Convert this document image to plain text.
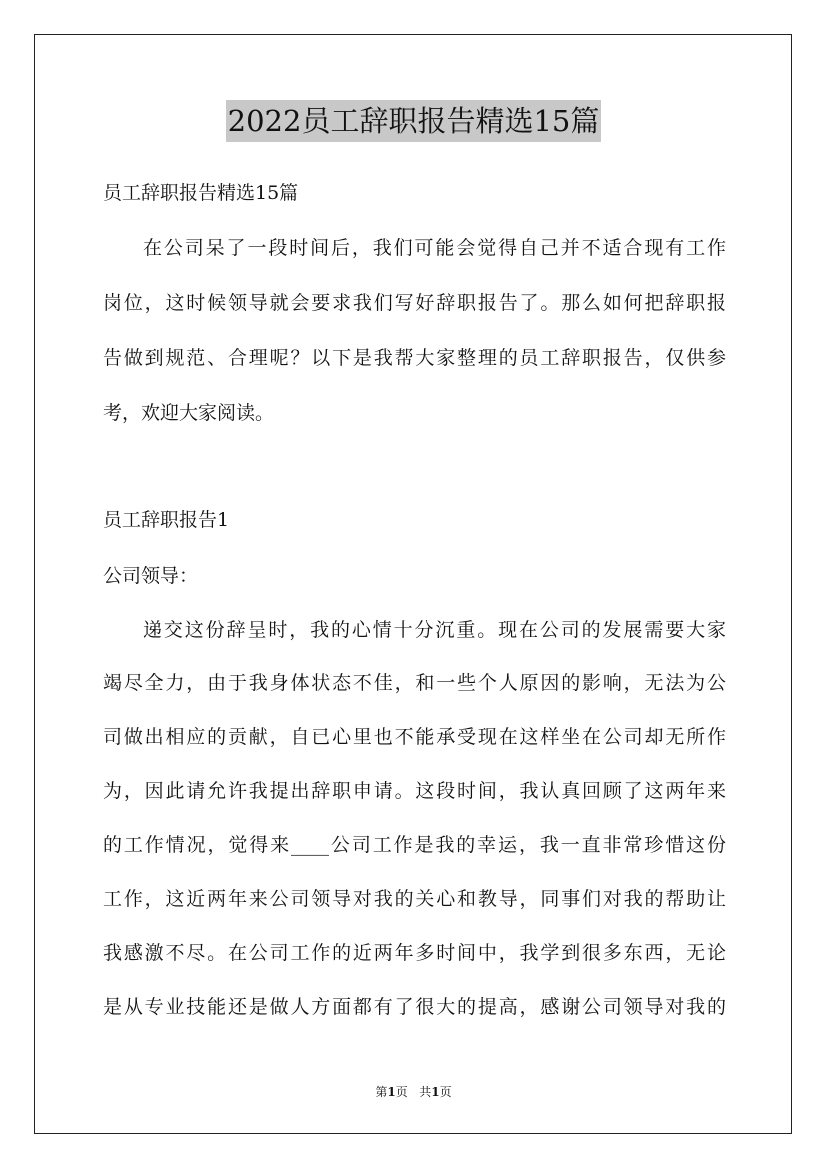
2022员工辞职报告精选15篇
员工辞职报告精选15篇
在公司呆了一段时间后，我们可能会觉得自己并不适合现有工作
岗位，这时候领导就会要求我们写好辞职报告了。那么如何把辞职报
告做到规范、合理呢？以下是我帮大家整理的员工辞职报告，仅供参
考，欢迎大家阅读。
员工辞职报告1
公司领导：
递交这份辞呈时，我的心情十分沉重。现在公司的发展需要大家
竭尽全力，由于我身体状态不佳，和一些个人原因的影响，无法为公
司做出相应的贡献，自已心里也不能承受现在这样坐在公司却无所作
为，因此请允许我提出辞职申请。这段时间，我认真回顾了这两年来
的工作情况，觉得来____公司工作是我的幸运，我一直非常珍惜这份
工作，这近两年来公司领导对我的关心和教导，同事们对我的帮助让
我感激不尽。在公司工作的近两年多时间中，我学到很多东西，无论
是从专业技能还是做人方面都有了很大的提高，感谢公司领导对我的
第1页 共1页
